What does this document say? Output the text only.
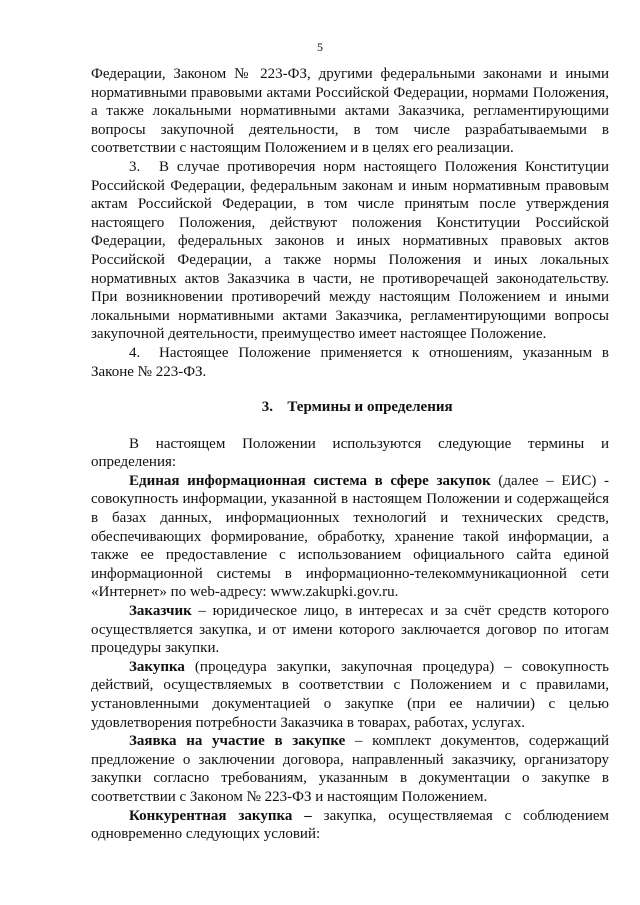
5

Федерации, Законом № 223-ФЗ, другими федеральными законами и иными нормативными правовыми актами Российской Федерации, нормами Положения, а также локальными нормативными актами Заказчика, регламентирующими вопросы закупочной деятельности, в том числе разрабатываемыми в соответствии с настоящим Положением и в целях его реализации.

3. В случае противоречия норм настоящего Положения Конституции Российской Федерации, федеральным законам и иным нормативным правовым актам Российской Федерации, в том числе принятым после утверждения настоящего Положения, действуют положения Конституции Российской Федерации, федеральных законов и иных нормативных правовых актов Российской Федерации, а также нормы Положения и иных локальных нормативных актов Заказчика в части, не противоречащей законодательству. При возникновении противоречий между настоящим Положением и иными локальными нормативными актами Заказчика, регламентирующими вопросы закупочной деятельности, преимущество имеет настоящее Положение.

4. Настоящее Положение применяется к отношениям, указанным в Законе № 223-ФЗ.

3. Термины и определения

В настоящем Положении используются следующие термины и определения:

Единая информационная система в сфере закупок (далее – ЕИС) - совокупность информации, указанной в настоящем Положении и содержащейся в базах данных, информационных технологий и технических средств, обеспечивающих формирование, обработку, хранение такой информации, а также ее предоставление с использованием официального сайта единой информационной системы в информационно-телекоммуникационной сети «Интернет» по web-адресу: www.zakupki.gov.ru.

Заказчик – юридическое лицо, в интересах и за счёт средств которого осуществляется закупка, и от имени которого заключается договор по итогам процедуры закупки.

Закупка (процедура закупки, закупочная процедура) – совокупность действий, осуществляемых в соответствии с Положением и с правилами, установленными документацией о закупке (при ее наличии) с целью удовлетворения потребности Заказчика в товарах, работах, услугах.

Заявка на участие в закупке – комплект документов, содержащий предложение о заключении договора, направленный заказчику, организатору закупки согласно требованиям, указанным в документации о закупке в соответствии с Законом № 223-ФЗ и настоящим Положением.

Конкурентная закупка – закупка, осуществляемая с соблюдением одновременно следующих условий:
